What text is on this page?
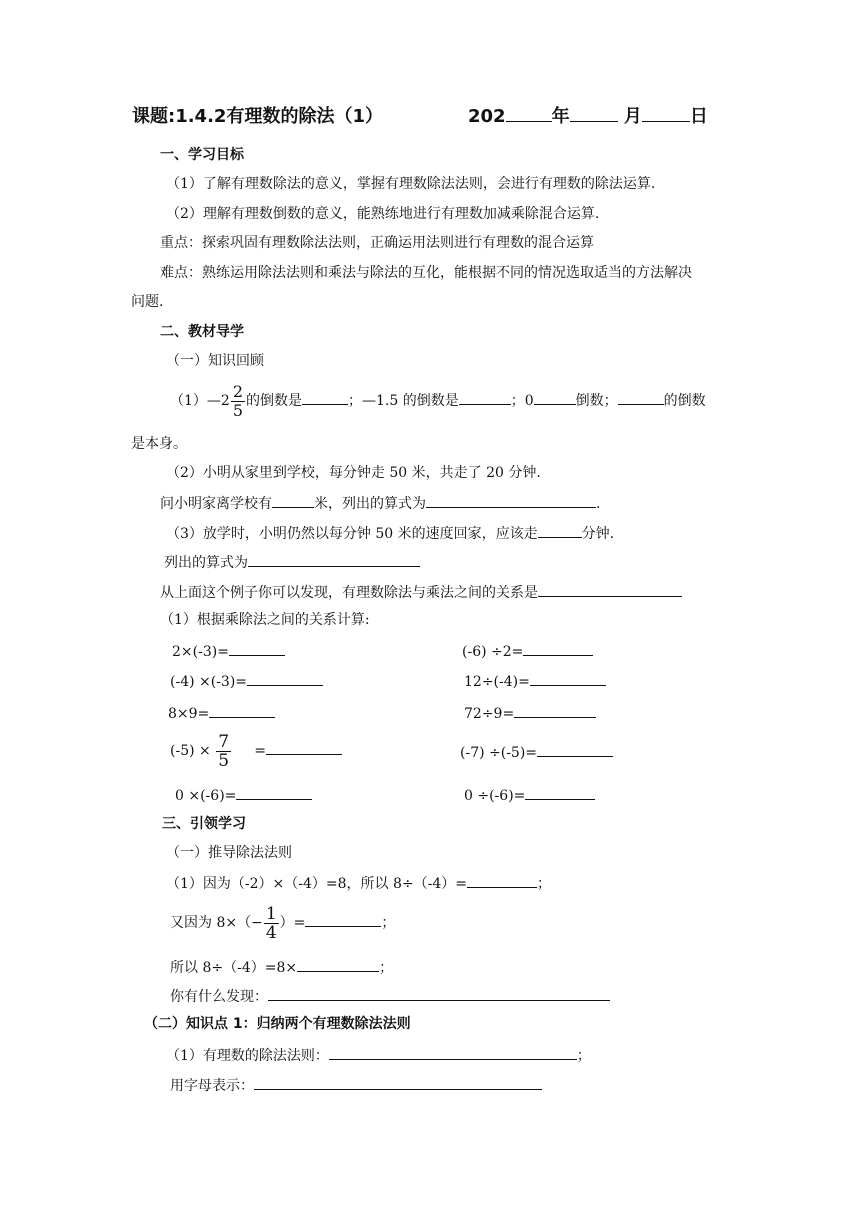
课题:1.4.2有理数的除法（1）	202	年	月	日
一、学习目标
（1）了解有理数除法的意义，掌握有理数除法法则，会进行有理数的除法运算.
（2）理解有理数倒数的意义，能熟练地进行有理数加减乘除混合运算.
重点：探索巩固有理数除法法则，正确运用法则进行有理数的混合运算
难点：熟练运用除法法则和乘法与除法的互化，能根据不同的情况选取适当的方法解决
问题.
二、教材导学
（一）知识回顾
（1）—2 $\frac{2}{5}$ 的倒数是	；—1.5 的倒数是	；0	倒数；	的倒数
是本身。
（2）小明从家里到学校，每分钟走 50 米，共走了 20 分钟.
问小明家离学校有	米，列出的算式为	.
（3）放学时，小明仍然以每分钟 50 米的速度回家，应该走	分钟.
列出的算式为
从上面这个例子你可以发现，有理数除法与乘法之间的关系是
（1）根据乘除法之间的关系计算:
2×(-3)=	(-6) ÷2=
(-4) ×(-3)=	12÷(-4)=
8×9=	72÷9=
$(-5) \times \frac{7}{5}$ =	(-7) ÷(-5)=
0 ×(-6)=	0 ÷(-6)=
三、引领学习
（一）推导除法法则
（1）因为（-2）×（-4）=8，所以 8÷（-4）=	；
又因为 $8\times(- \frac{1}{4}$ ）=	；
所以 8÷（-4）=8×	；
你有什么发现：
（二）知识点 1：归纳两个有理数除法法则
（1）有理数的除法法则：	；
用字母表示：
